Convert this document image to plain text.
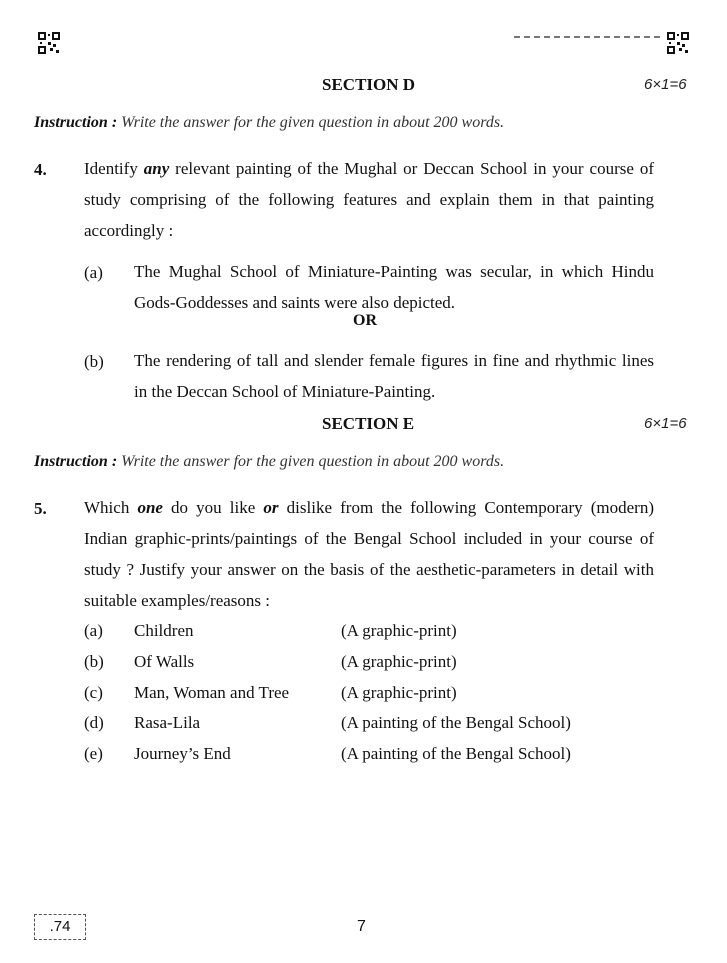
SECTION D	6×1=6
Instruction : Write the answer for the given question in about 200 words.
4. Identify any relevant painting of the Mughal or Deccan School in your course of study comprising of the following features and explain them in that painting accordingly :
(a) The Mughal School of Miniature-Painting was secular, in which Hindu Gods-Goddesses and saints were also depicted.
OR
(b) The rendering of tall and slender female figures in fine and rhythmic lines in the Deccan School of Miniature-Painting.
SECTION E	6×1=6
Instruction : Write the answer for the given question in about 200 words.
5. Which one do you like or dislike from the following Contemporary (modern) Indian graphic-prints/paintings of the Bengal School included in your course of study ? Justify your answer on the basis of the aesthetic-parameters in detail with suitable examples/reasons :
(a) Children	(A graphic-print)
(b) Of Walls	(A graphic-print)
(c) Man, Woman and Tree	(A graphic-print)
(d) Rasa-Lila	(A painting of the Bengal School)
(e) Journey’s End	(A painting of the Bengal School)
.74	7
